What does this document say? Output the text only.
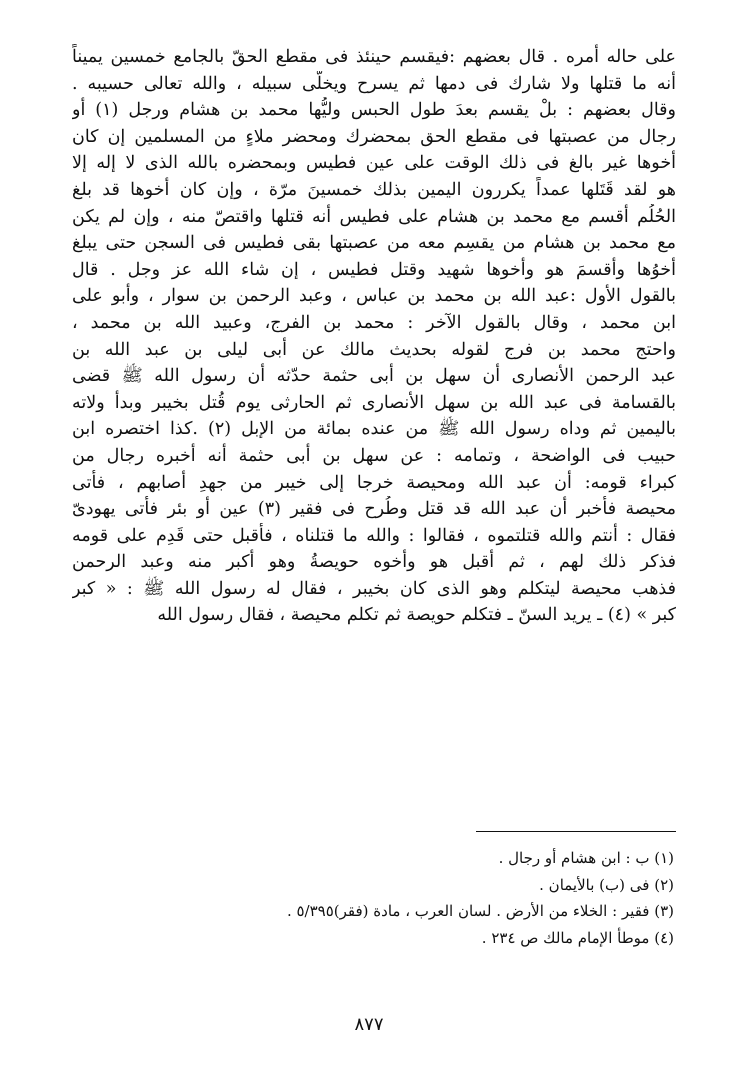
على حاله أُمره . قال بعضهم :فيقسم حينئذ فى مقطع الحقّ بالجامع خمسين يميناً
أنه ما قتلها ولا شارك فى دمها ثم يسرح ويخلّى سبيله ، والله تعالى حسيبه .
وقال بعضهم : بلْ يقسم بعدَ طول الحبس وليُّها محمد بن هشام ورجل (١) أو
رجال من عصبتها فى مقطع الحق بمحضرك ومحضر ملاءٍ من المسلمين إن كان
أخوها غير بالغ فى ذلك الوقت على عين فطيس وبمحضره بالله الذى لا إله إلا
هو لقد قَتَلها عمداً يكررون اليمين بذلك خمسينَ مرّة ، وإن كان أخوها قد بلغ
الحُلُم أقسم مع محمد بن هشام على فطيس أنه قتلها واقتصّ منه ، وإن لم يكن
مع محمد بن هشام من يقسِم معه من عصبتها بقى فطيس فى السجن حتى يبلغ
أخوُها وأقسمَ هو وأخوها شهيد وقتل فطيس ، إن شاء الله عز وجل . قال
بالقول الأول :عبد الله بن محمد بن عباس ، وعبد الرحمن بن سوار ، وأبو على
ابن محمد ، وقال بالقول الآخر : محمد بن الفرج، وعبيد الله بن محمد ،
واحتج محمد بن فرج لقوله بحديث مالك عن أبى ليلى بن عبد الله بن
عبد الرحمن الأنصارى أن سهل بن أبى حثمة حدّثه أن رسول الله ﷺ قضى
بالقسامة فى عبد الله بن سهل الأنصارى ثم الحارثى يوم قُتل بخيبر وبدأ ولاته
باليمين ثم وداه رسول الله ﷺ من عنده بمائة من الإبل (٢) .كذا اختصره ابن
حبيب فى الواضحة ، وتمامه : عن سهل بن أبى حثمة أنه أخبره رجال من
كبراء قومه: أن عبد الله ومحيصة خرجا إلى خيبر من جهدِ أصابهم ، فأتى
محيصة فأخبر أن عبد الله قد قتل وطُرح فى فقير (٣) عين أو بئر فأتى يهودىّ
فقال : أنتم والله قتلتموه ، فقالوا : والله ما قتلناه ، فأقبل حتى قَدِم على قومه
فذكر ذلك لهم ، ثم أقبل هو وأخوه حويصةُ وهو أكبر منه وعبد الرحمن
فذهب محيصة ليتكلم وهو الذى كان بخيبر ، فقال له رسول الله ﷺ : « كبر
كبر » (٤) ـ يريد السنّ ـ فتكلم حويصة ثم تكلم محيصة ، فقال رسول الله
(١) ب : ابن هشام أو رجال .
(٢) فى (ب) بالأيمان .
(٣) فقير : الخلاء من الأرض . لسان العرب ، مادة (فقر)٥/٣٩٥ .
(٤) موطأ الإمام مالك ص ٢٣٤ .
٨٧٧
